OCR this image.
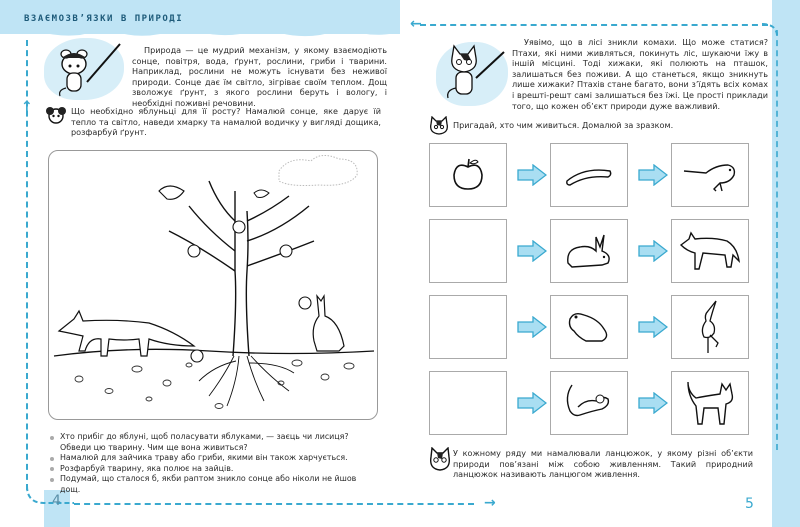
↑
←
→
ВЗАЄМОЗВ’ЯЗКИ В ПРИРОДІ

Природа — це мудрий механізм, у якому взаємодіють сонце, повітря, вода, ґрунт, рослини, гриби і тварини. Наприклад, рослини не можуть існувати без неживої природи. Сонце дає їм світло, зігріває своїм теплом. Дощ зволожує ґрунт, з якого рослини беруть і вологу, і необхідні поживні речовини.

Що необхідно яблуньці для її росту? Намалюй сонце, яке дарує їй тепло та світло, наведи хмарку та намалюй водичку у вигляді дощика, розфарбуй ґрунт.

Хто прибіг до яблуні, щоб поласувати яблуками, — заєць чи лисиця? Обведи цю тварину. Чим ще вона живиться?
Намалюй для зайчика траву або гриби, якими він також харчується.
Розфарбуй тварину, яка полює на зайців.
Подумай, що сталося б, якби раптом зникло сонце або ніколи не йшов дощ.
4

Уявімо, що в лісі зникли комахи. Що може статися? Птахи, які ними живляться, покинуть ліс, шукаючи їжу в іншій місцині. Тоді хижаки, які полюють на пташок, залишаться без поживи. А що станеться, якщо зникнуть лише хижаки? Птахів стане багато, вони з’їдять всіх комах і врешті-решт самі залишаться без їжі. Це прості приклади того, що кожен об’єкт природи дуже важливий.

Пригадай, хто чим живиться. Домалюй за зразком.

У кожному ряду ми намалювали ланцюжок, у якому різні об’єкти природи пов’язані між собою живленням. Такий природний ланцюжок називають ланцюгом живлення.

5
